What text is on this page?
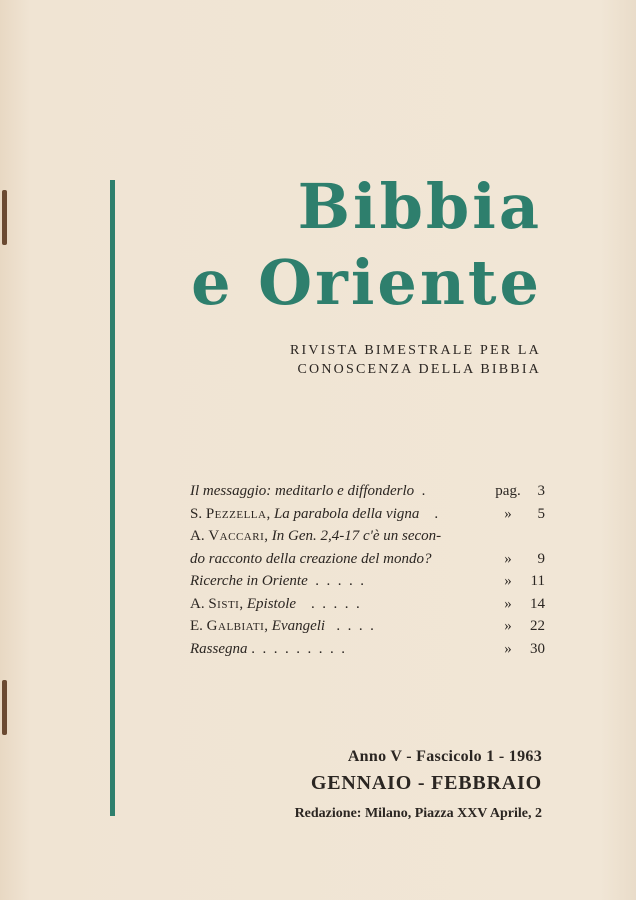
Bibbia
e Oriente
RIVISTA BIMESTRALE PER LA
CONOSCENZA DELLA BIBBIA
Il messaggio: meditarlo e diffonderlo  .	pag.	3
S. Pezzella, La parabola della vigna    .	»	5
A. Vaccari, In Gen. 2,4-17 c'è un secon-
do racconto della creazione del mondo?	»	9
Ricerche in Oriente  .  .  .  .  .	»	11
A. Sisti, Epistole    .  .  .  .  .	»	14
E. Galbiati, Evangeli   .  .  .  .	»	22
Rassegna .  .  .  .  .  .  .  .  .	»	30
Anno V - Fascicolo 1 - 1963
GENNAIO - FEBBRAIO
Redazione: Milano, Piazza XXV Aprile, 2
